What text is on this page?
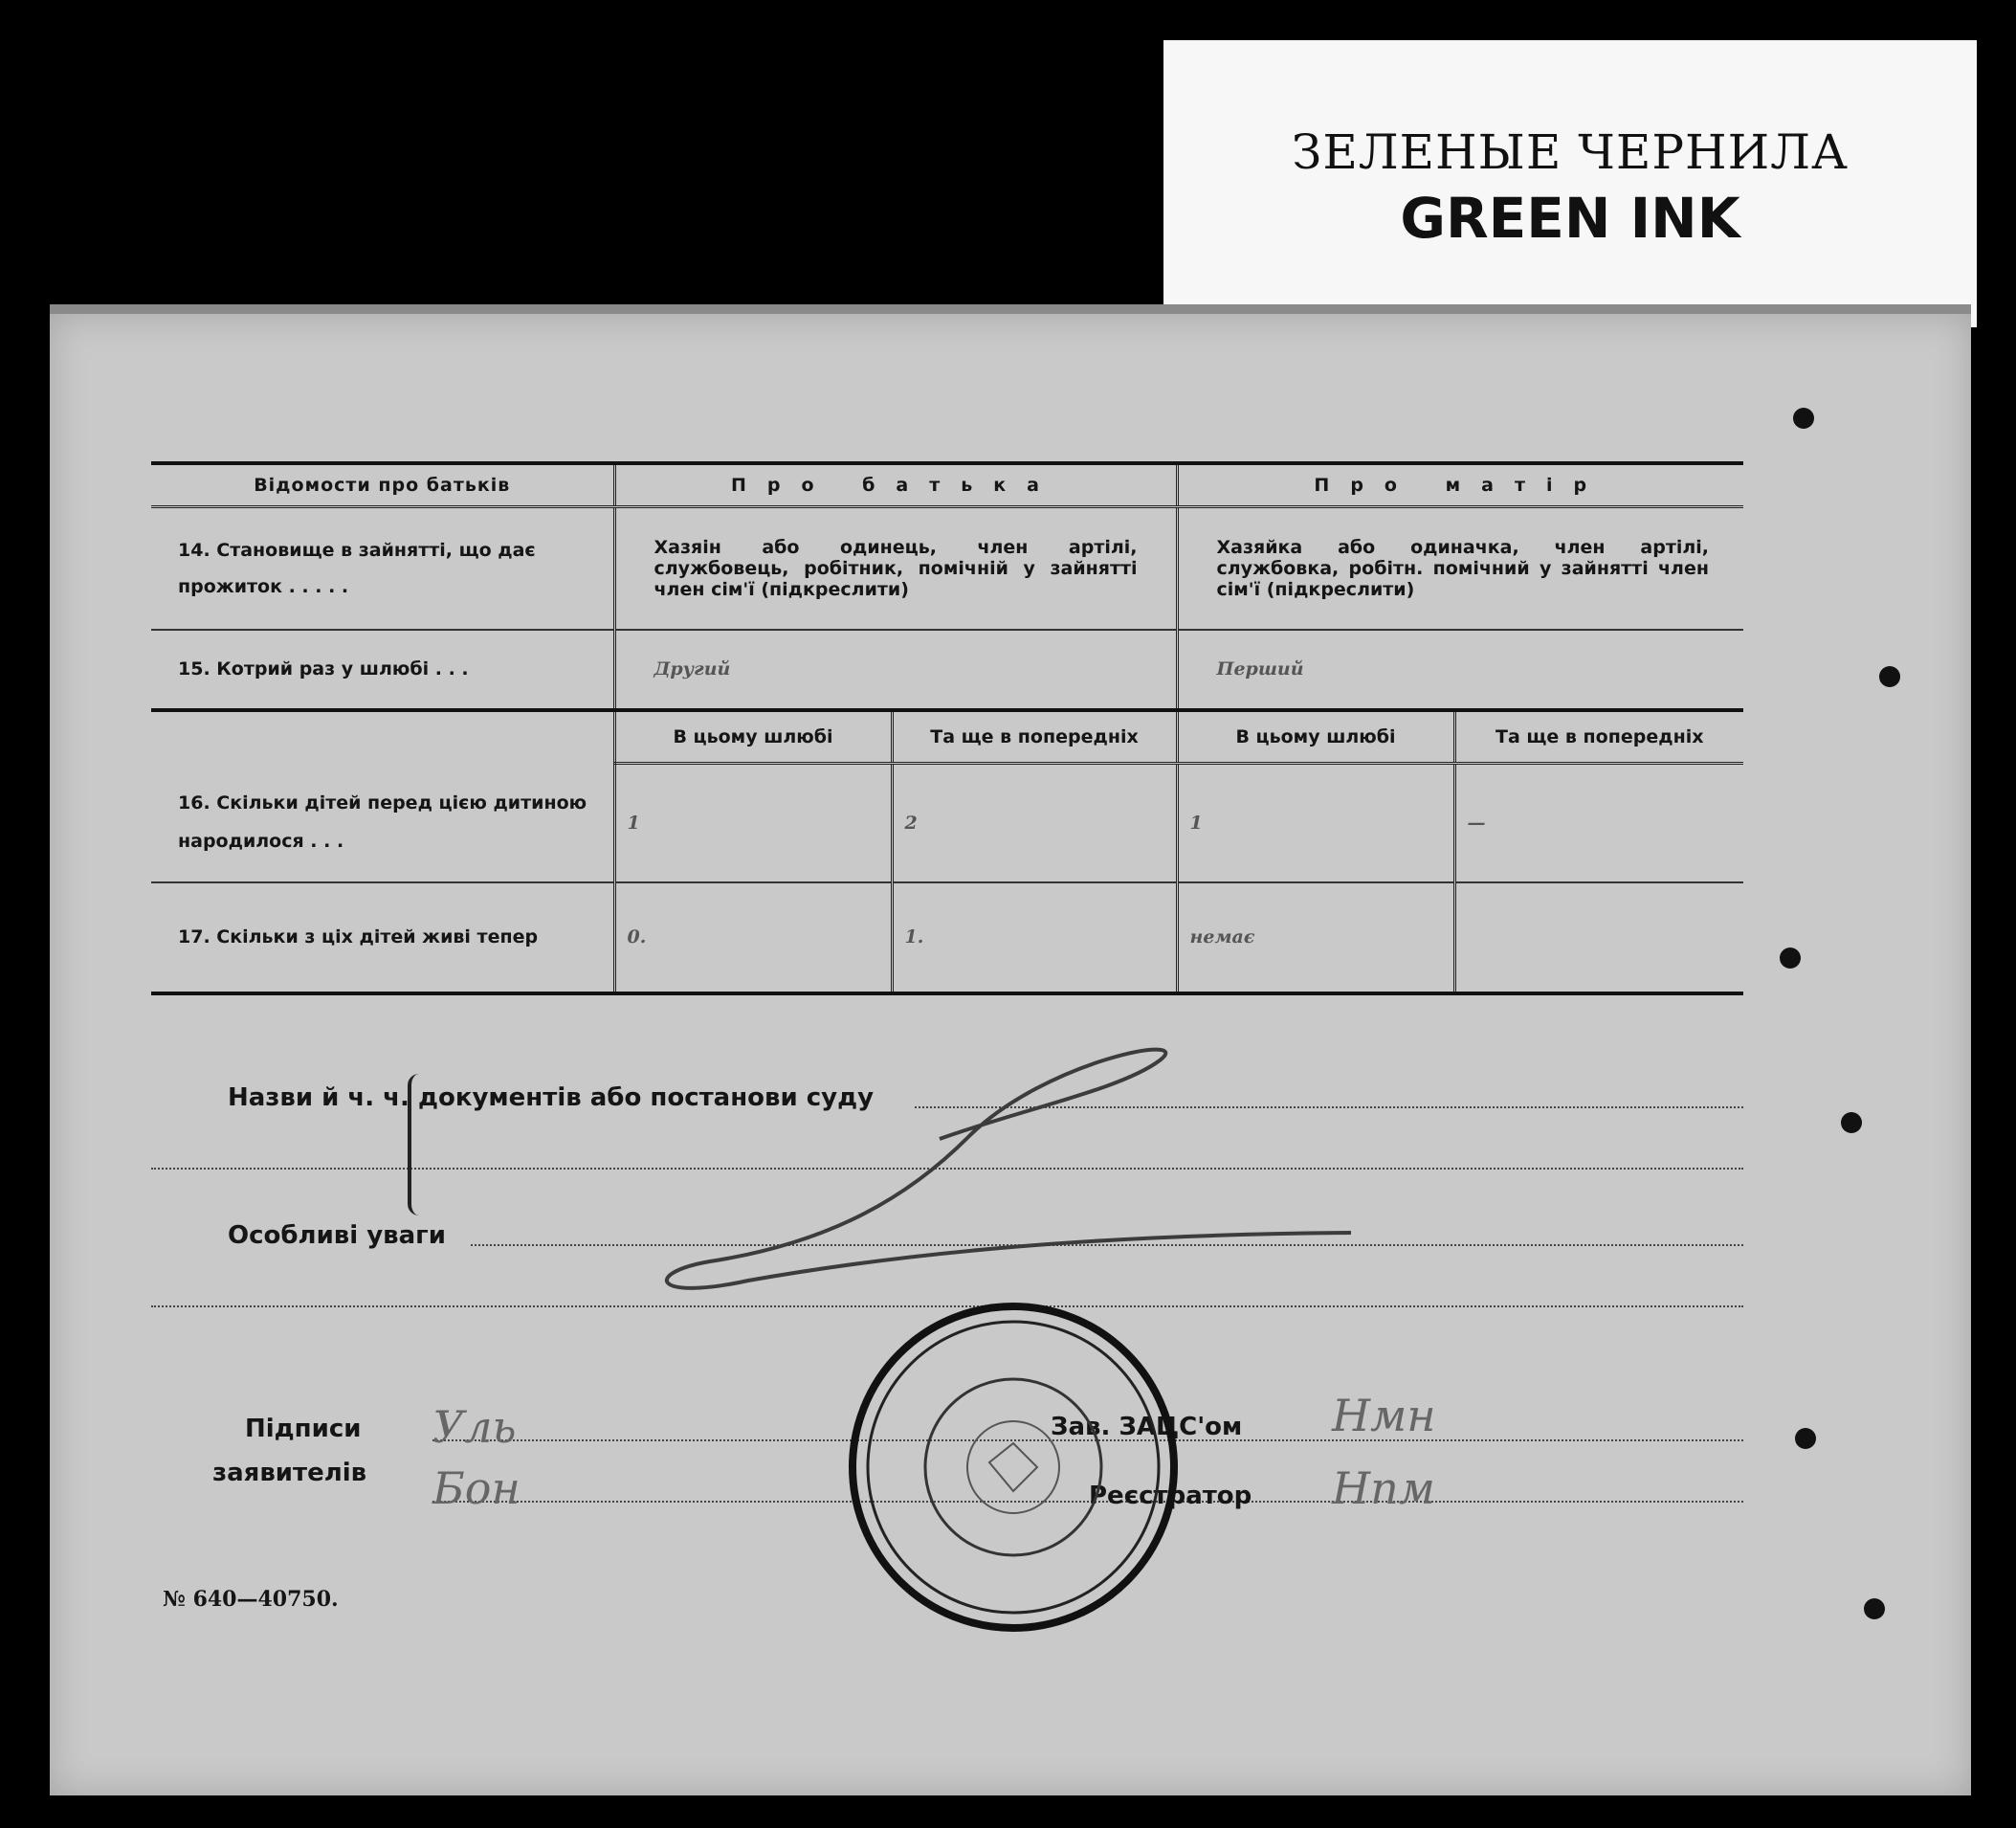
ЗЕЛЕНЫЕ ЧЕРНИЛА
GREEN INK
Відомости про батьків	Про батька		Про матір	
14. Становище в зайнятті, що дає прожиток . . . . .	Хазяін або одинець, член артілі, службовець, робітник, помічній у зайнятті член сім'ї (підкреслити)		Хазяйка або одиначка, член артілі, службовка, робітн. помічний у зайнятті член сім'ї (підкреслити)	
15. Котрий раз у шлюбі . . .	Другий		Перший	
	В цьому шлюбі	Та ще в попередніх	В цьому шлюбі	Та ще в попередніх
16. Скільки дітей перед цією дитиною народилося . . .	1	2	1	—
17. Скільки з ціх дітей живі тепер	0.	1.	немає	
Назви й ч. ч. документів або постанови суду
Особливі уваги
Підписи
заявителів
Уль
Бон
Зав. ЗАЦС'ом
Реєстратор
Нмн
Нпм
№ 640—40750.
